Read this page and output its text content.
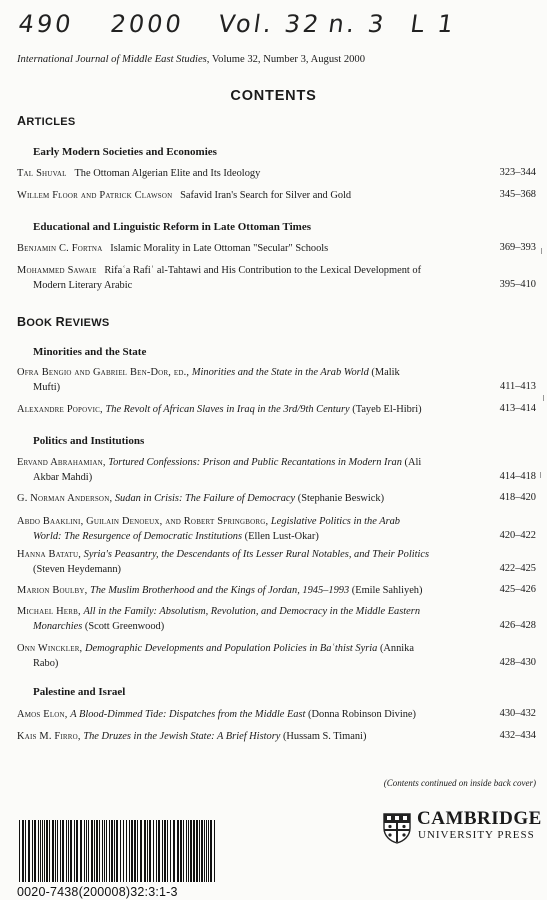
490 2000 Vol. 32 n. 3 L 1
International Journal of Middle East Studies, Volume 32, Number 3, August 2000
CONTENTS
ARTICLES
Early Modern Societies and Economies
Tal Shuval The Ottoman Algerian Elite and Its Ideology	323–344
Willem Floor and Patrick Clawson Safavid Iran's Search for Silver and Gold	345–368
Educational and Linguistic Reform in Late Ottoman Times
Benjamin C. Fortna Islamic Morality in Late Ottoman "Secular" Schools	369–393
Mohammed Sawaie Rifaʿa Rafiʿ al-Tahtawi and His Contribution to the Lexical Development of
Modern Literary Arabic	395–410
BOOK REVIEWS
Minorities and the State
Ofra Bengio and Gabriel Ben-Dor, ed., Minorities and the State in the Arab World (Malik
Mufti)	411–413
Alexandre Popovic, The Revolt of African Slaves in Iraq in the 3rd/9th Century (Tayeb El-Hibri)	413–414
Politics and Institutions
Ervand Abrahamian, Tortured Confessions: Prison and Public Recantations in Modern Iran (Ali
Akbar Mahdi)	414–418
G. Norman Anderson, Sudan in Crisis: The Failure of Democracy (Stephanie Beswick)	418–420
Abdo Baaklini, Guilain Denoeux, and Robert Springborg, Legislative Politics in the Arab
World: The Resurgence of Democratic Institutions (Ellen Lust-Okar)	420–422
Hanna Batatu, Syria's Peasantry, the Descendants of Its Lesser Rural Notables, and Their Politics
(Steven Heydemann)	422–425
Marion Boulby, The Muslim Brotherhood and the Kings of Jordan, 1945–1993 (Emile Sahliyeh)	425–426
Michael Herb, All in the Family: Absolutism, Revolution, and Democracy in the Middle Eastern
Monarchies (Scott Greenwood)	426–428
Onn Winckler, Demographic Developments and Population Policies in Baʿthist Syria (Annika
Rabo)	428–430
Palestine and Israel
Amos Elon, A Blood-Dimmed Tide: Dispatches from the Middle East (Donna Robinson Divine)	430–432
Kais M. Firro, The Druzes in the Jewish State: A Brief History (Hussam S. Timani)	432–434
(Contents continued on inside back cover)
0020-7438(200008)32:3:1-3
CAMBRIDGE
UNIVERSITY PRESS
